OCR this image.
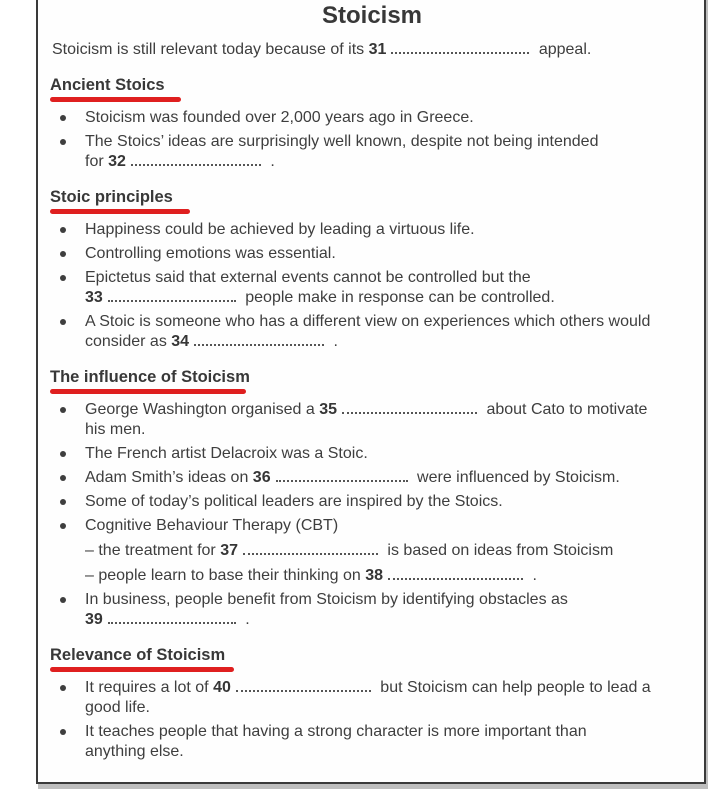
Stoicism

Stoicism is still relevant today because of its 31	appeal.

Ancient Stoics
Stoicism was founded over 2,000 years ago in Greece.
The Stoics’ ideas are surprisingly well known, despite not being intended
for 32	.
Stoic principles
Happiness could be achieved by leading a virtuous life.
Controlling emotions was essential.
Epictetus said that external events cannot be controlled but the
33	people make in response can be controlled.
A Stoic is someone who has a different view on experiences which others would
consider as 34	.
The influence of Stoicism
George Washington organised a 35	about Cato to motivate
his men.
The French artist Delacroix was a Stoic.
Adam Smith’s ideas on 36	were influenced by Stoicism.
Some of today’s political leaders are inspired by the Stoics.
Cognitive Behaviour Therapy (CBT)
– the treatment for 37	is based on ideas from Stoicism
– people learn to base their thinking on 38	.
In business, people benefit from Stoicism by identifying obstacles as
39	.
Relevance of Stoicism
It requires a lot of 40	but Stoicism can help people to lead a
good life.
It teaches people that having a strong character is more important than
anything else.
